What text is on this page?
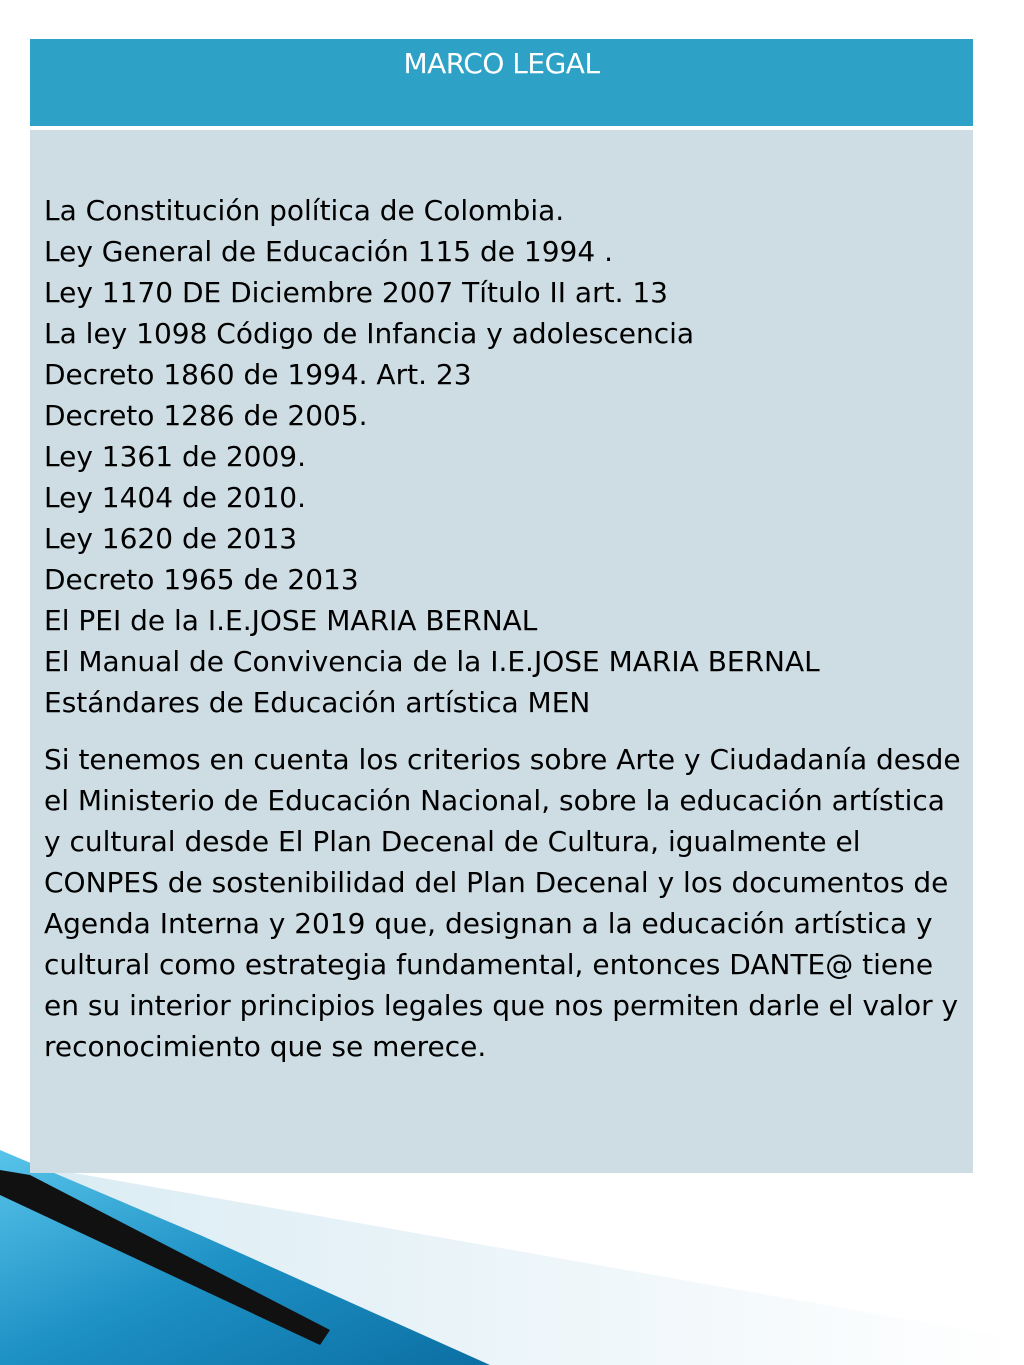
MARCO LEGAL
La Constitución política de Colombia.
Ley General de Educación 115 de 1994 .
Ley 1170 DE Diciembre 2007 Título II art. 13
La ley 1098 Código de Infancia y adolescencia
Decreto 1860 de 1994. Art. 23
Decreto 1286 de 2005.
Ley 1361 de 2009.
Ley 1404 de 2010.
Ley 1620 de 2013
Decreto 1965 de 2013
El PEI de la I.E.JOSE MARIA BERNAL
El Manual de Convivencia de la I.E.JOSE MARIA BERNAL
Estándares de Educación artística MEN

Si tenemos en cuenta los criterios sobre Arte y Ciudadanía desde el Ministerio de Educación Nacional, sobre la educación artística y cultural desde El Plan Decenal de Cultura, igualmente el CONPES de sostenibilidad del Plan Decenal y los documentos de Agenda Interna y 2019 que, designan a la educación artística y cultural como estrategia fundamental, entonces DANTE@ tiene en su interior principios legales que nos permiten darle el valor y reconocimiento que se merece.
